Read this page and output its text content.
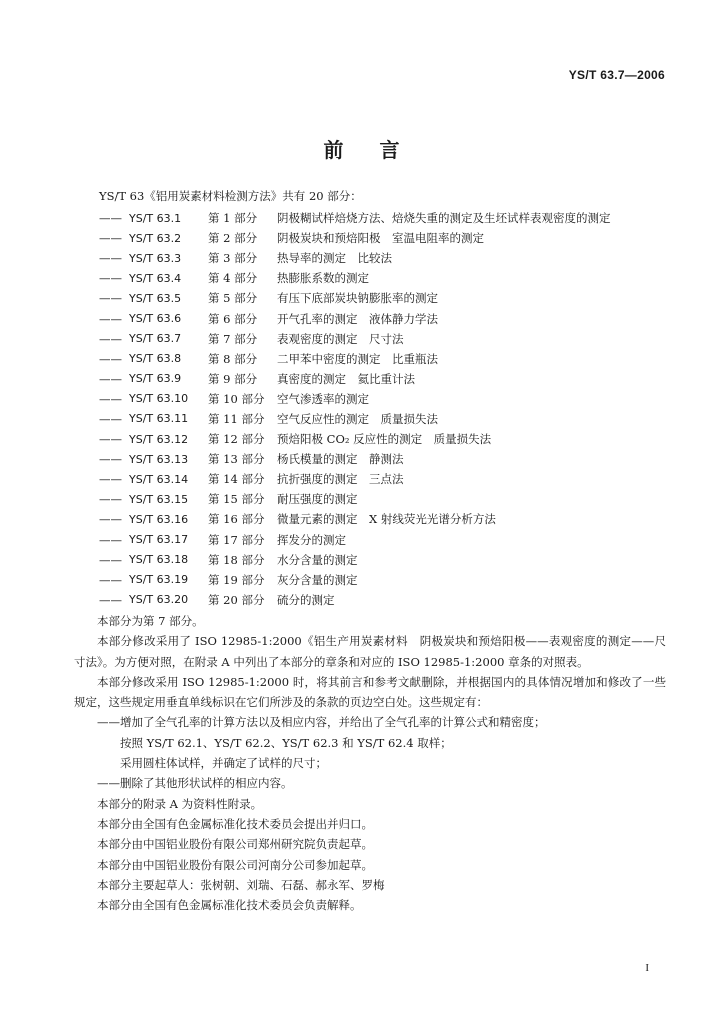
YS/T 63.7—2006
前言
YS/T 63《铝用炭素材料检测方法》共有 20 部分：
—— YS/T 63.1	第 1 部分	阴极糊试样焙烧方法、焙烧失重的测定及生坯试样表观密度的测定
—— YS/T 63.2	第 2 部分	阴极炭块和预焙阳极　室温电阻率的测定
—— YS/T 63.3	第 3 部分	热导率的测定　比较法
—— YS/T 63.4	第 4 部分	热膨胀系数的测定
—— YS/T 63.5	第 5 部分	有压下底部炭块钠膨胀率的测定
—— YS/T 63.6	第 6 部分	开气孔率的测定　液体静力学法
—— YS/T 63.7	第 7 部分	表观密度的测定　尺寸法
—— YS/T 63.8	第 8 部分	二甲苯中密度的测定　比重瓶法
—— YS/T 63.9	第 9 部分	真密度的测定　氦比重计法
—— YS/T 63.10	第 10 部分	空气渗透率的测定
—— YS/T 63.11	第 11 部分	空气反应性的测定　质量损失法
—— YS/T 63.12	第 12 部分	预焙阳极 CO₂ 反应性的测定　质量损失法
—— YS/T 63.13	第 13 部分	杨氏模量的测定　静测法
—— YS/T 63.14	第 14 部分	抗折强度的测定　三点法
—— YS/T 63.15	第 15 部分	耐压强度的测定
—— YS/T 63.16	第 16 部分	微量元素的测定　X 射线荧光光谱分析方法
—— YS/T 63.17	第 17 部分	挥发分的测定
—— YS/T 63.18	第 18 部分	水分含量的测定
—— YS/T 63.19	第 19 部分	灰分含量的测定
—— YS/T 63.20	第 20 部分	硫分的测定

本部分为第 7 部分。

本部分修改采用了 ISO 12985-1:2000《铝生产用炭素材料　阴极炭块和预焙阳极——表观密度的测定——尺寸法》。为方便对照，在附录 A 中列出了本部分的章条和对应的 ISO 12985-1:2000 章条的对照表。

本部分修改采用 ISO 12985-1:2000 时，将其前言和参考文献删除，并根据国内的具体情况增加和修改了一些规定，这些规定用垂直单线标识在它们所涉及的条款的页边空白处。这些规定有：

——增加了全气孔率的计算方法以及相应内容，并给出了全气孔率的计算公式和精密度；

按照 YS/T 62.1、YS/T 62.2、YS/T 62.3 和 YS/T 62.4 取样；

采用圆柱体试样，并确定了试样的尺寸；

——删除了其他形状试样的相应内容。

本部分的附录 A 为资料性附录。

本部分由全国有色金属标准化技术委员会提出并归口。

本部分由中国铝业股份有限公司郑州研究院负责起草。

本部分由中国铝业股份有限公司河南分公司参加起草。

本部分主要起草人：张树朝、刘瑞、石磊、郝永军、罗梅

本部分由全国有色金属标准化技术委员会负责解释。

I
